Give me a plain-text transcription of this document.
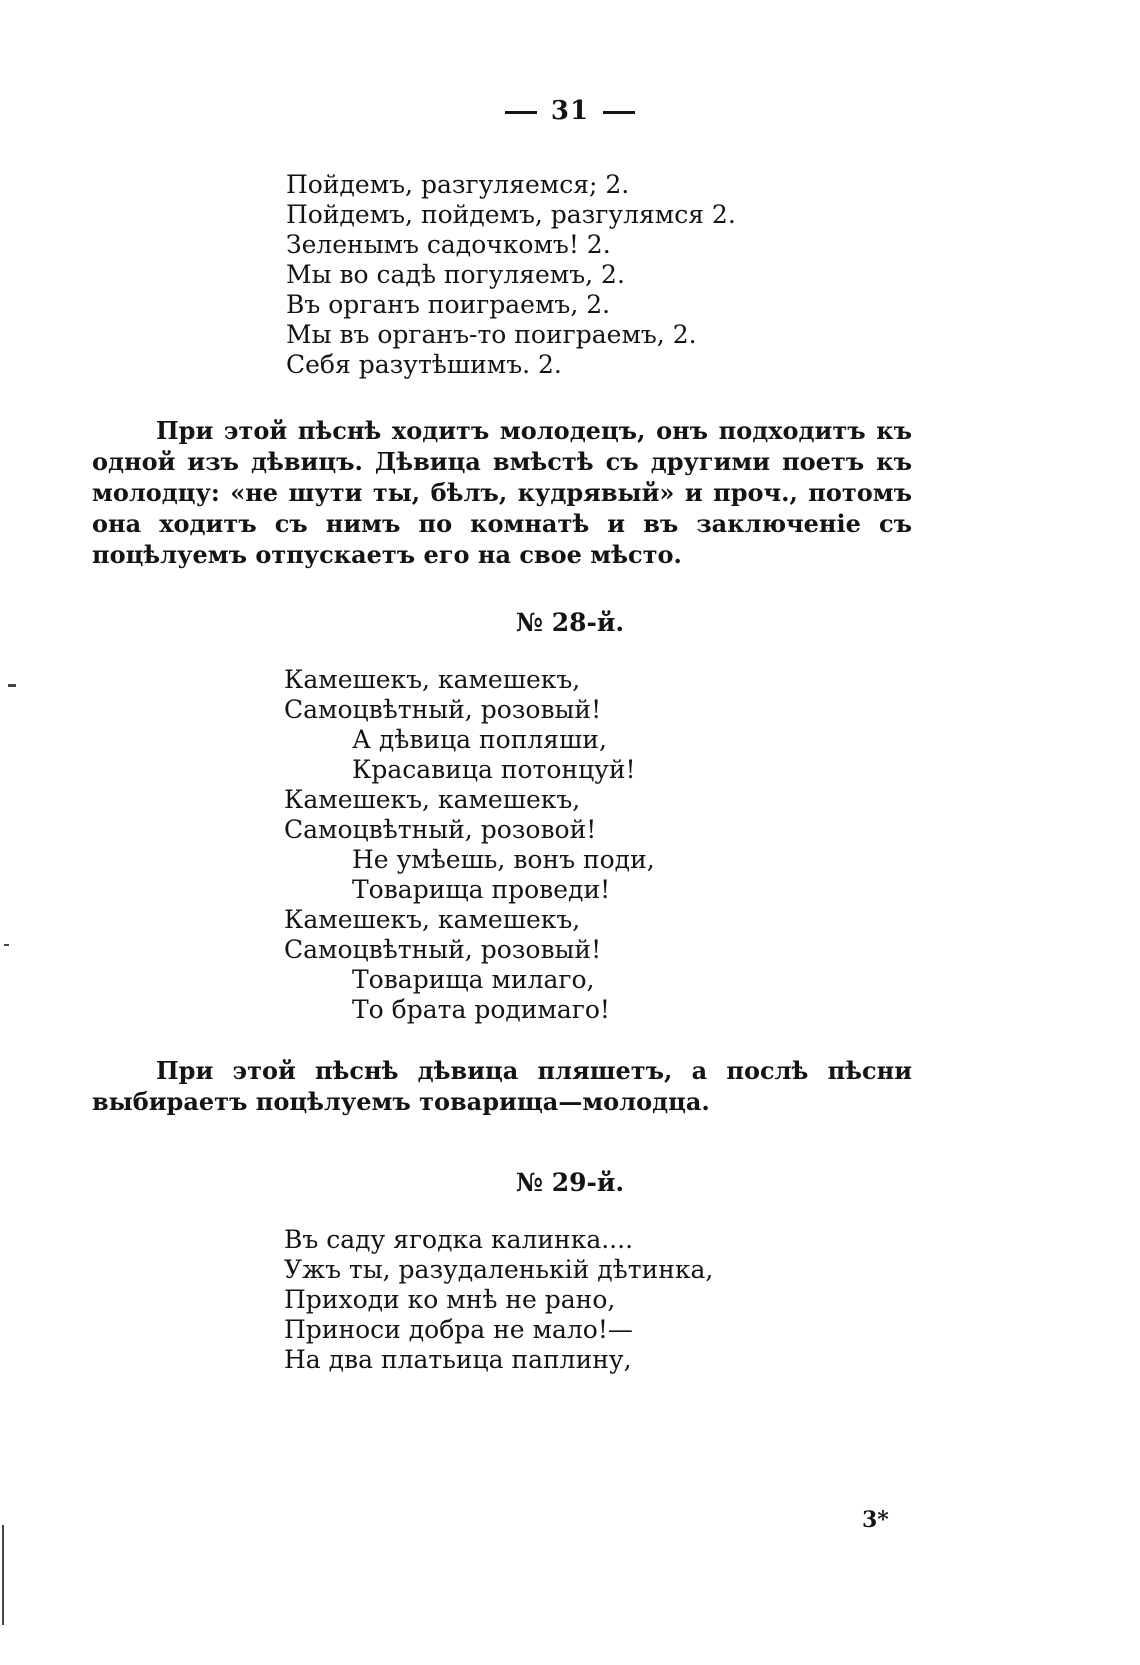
31
Пойдемъ, разгуляемся; 2.
Пойдемъ, пойдемъ, разгулямся 2.
Зеленымъ садочкомъ! 2.
Мы во садѣ погуляемъ, 2.
Въ органъ поиграемъ, 2.
Мы въ органъ-то поиграемъ, 2.
Себя разутѣшимъ. 2.

При этой пѣснѣ ходитъ молодецъ, онъ подходитъ къ одной изъ дѣвицъ. Дѣвица вмѣстѣ съ другими поетъ къ молодцу: «не шути ты, бѣлъ, кудрявый» и проч., потомъ она ходитъ съ нимъ по комнатѣ и въ заключенiе съ поцѣлуемъ отпускаетъ его на свое мѣсто.

№ 28-й.
Камешекъ, камешекъ,
Самоцвѣтный, розовый!
А дѣвица попляши,
Красавица потонцуй!
Камешекъ, камешекъ,
Самоцвѣтный, розовой!
Не умѣешь, вонъ поди,
Товарища проведи!
Камешекъ, камешекъ,
Самоцвѣтный, розовый!
Товарища милаго,
То брата родимаго!

При этой пѣснѣ дѣвица пляшетъ, а послѣ пѣсни выбираетъ поцѣлуемъ товарища—молодца.

№ 29-й.
Въ саду ягодка калинка....
Ужъ ты, разудаленькiй дѣтинка,
Приходи ко мнѣ не рано,
Приноси добра не мало!—
На два платьица паплину,
3*
